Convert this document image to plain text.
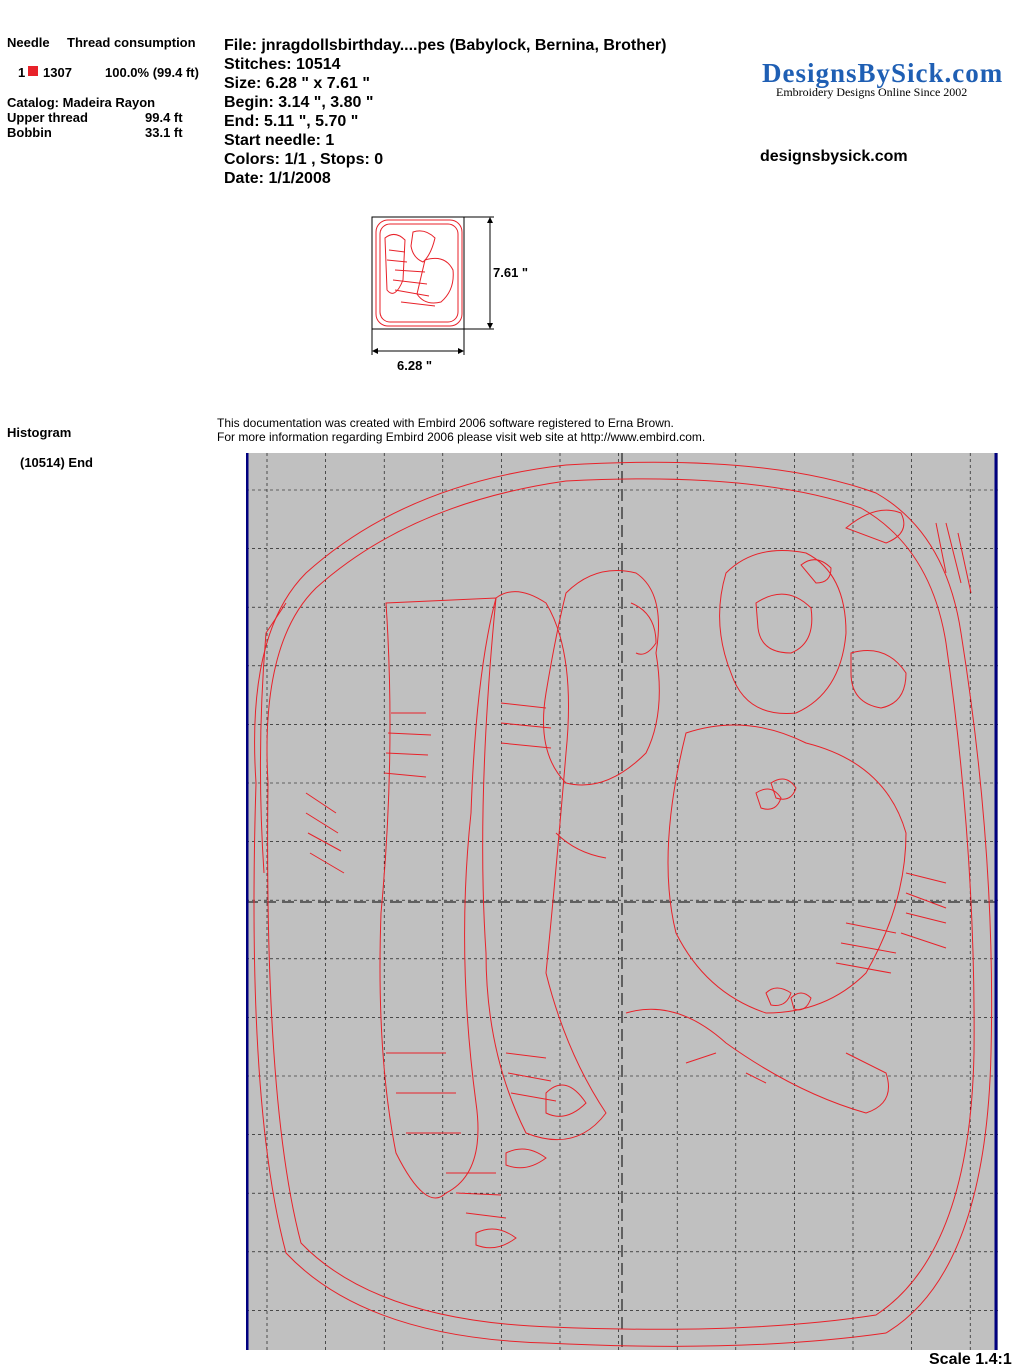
Needle Thread consumption
1 1307	100.0% (99.4 ft)
Catalog: Madeira Rayon
Upper thread	99.4 ft
Bobbin	33.1 ft
File: jnragdollsbirthday....pes (Babylock, Bernina, Brother)
Stitches: 10514
Size: 6.28 " x 7.61 "
Begin: 3.14 ", 3.80 "
End: 5.11 ", 5.70 "
Start needle: 1
Colors: 1/1 , Stops: 0
Date: 1/1/2008
DesignsBySick.com
Embroidery Designs Online Since 2002
designsbysick.com
7.61 "
6.28 "
Histogram
(10514) End
This documentation was created with Embird 2006 software registered to Erna Brown.
For more information regarding Embird 2006 please visit web site at http://www.embird.com.
Scale 1.4:1
